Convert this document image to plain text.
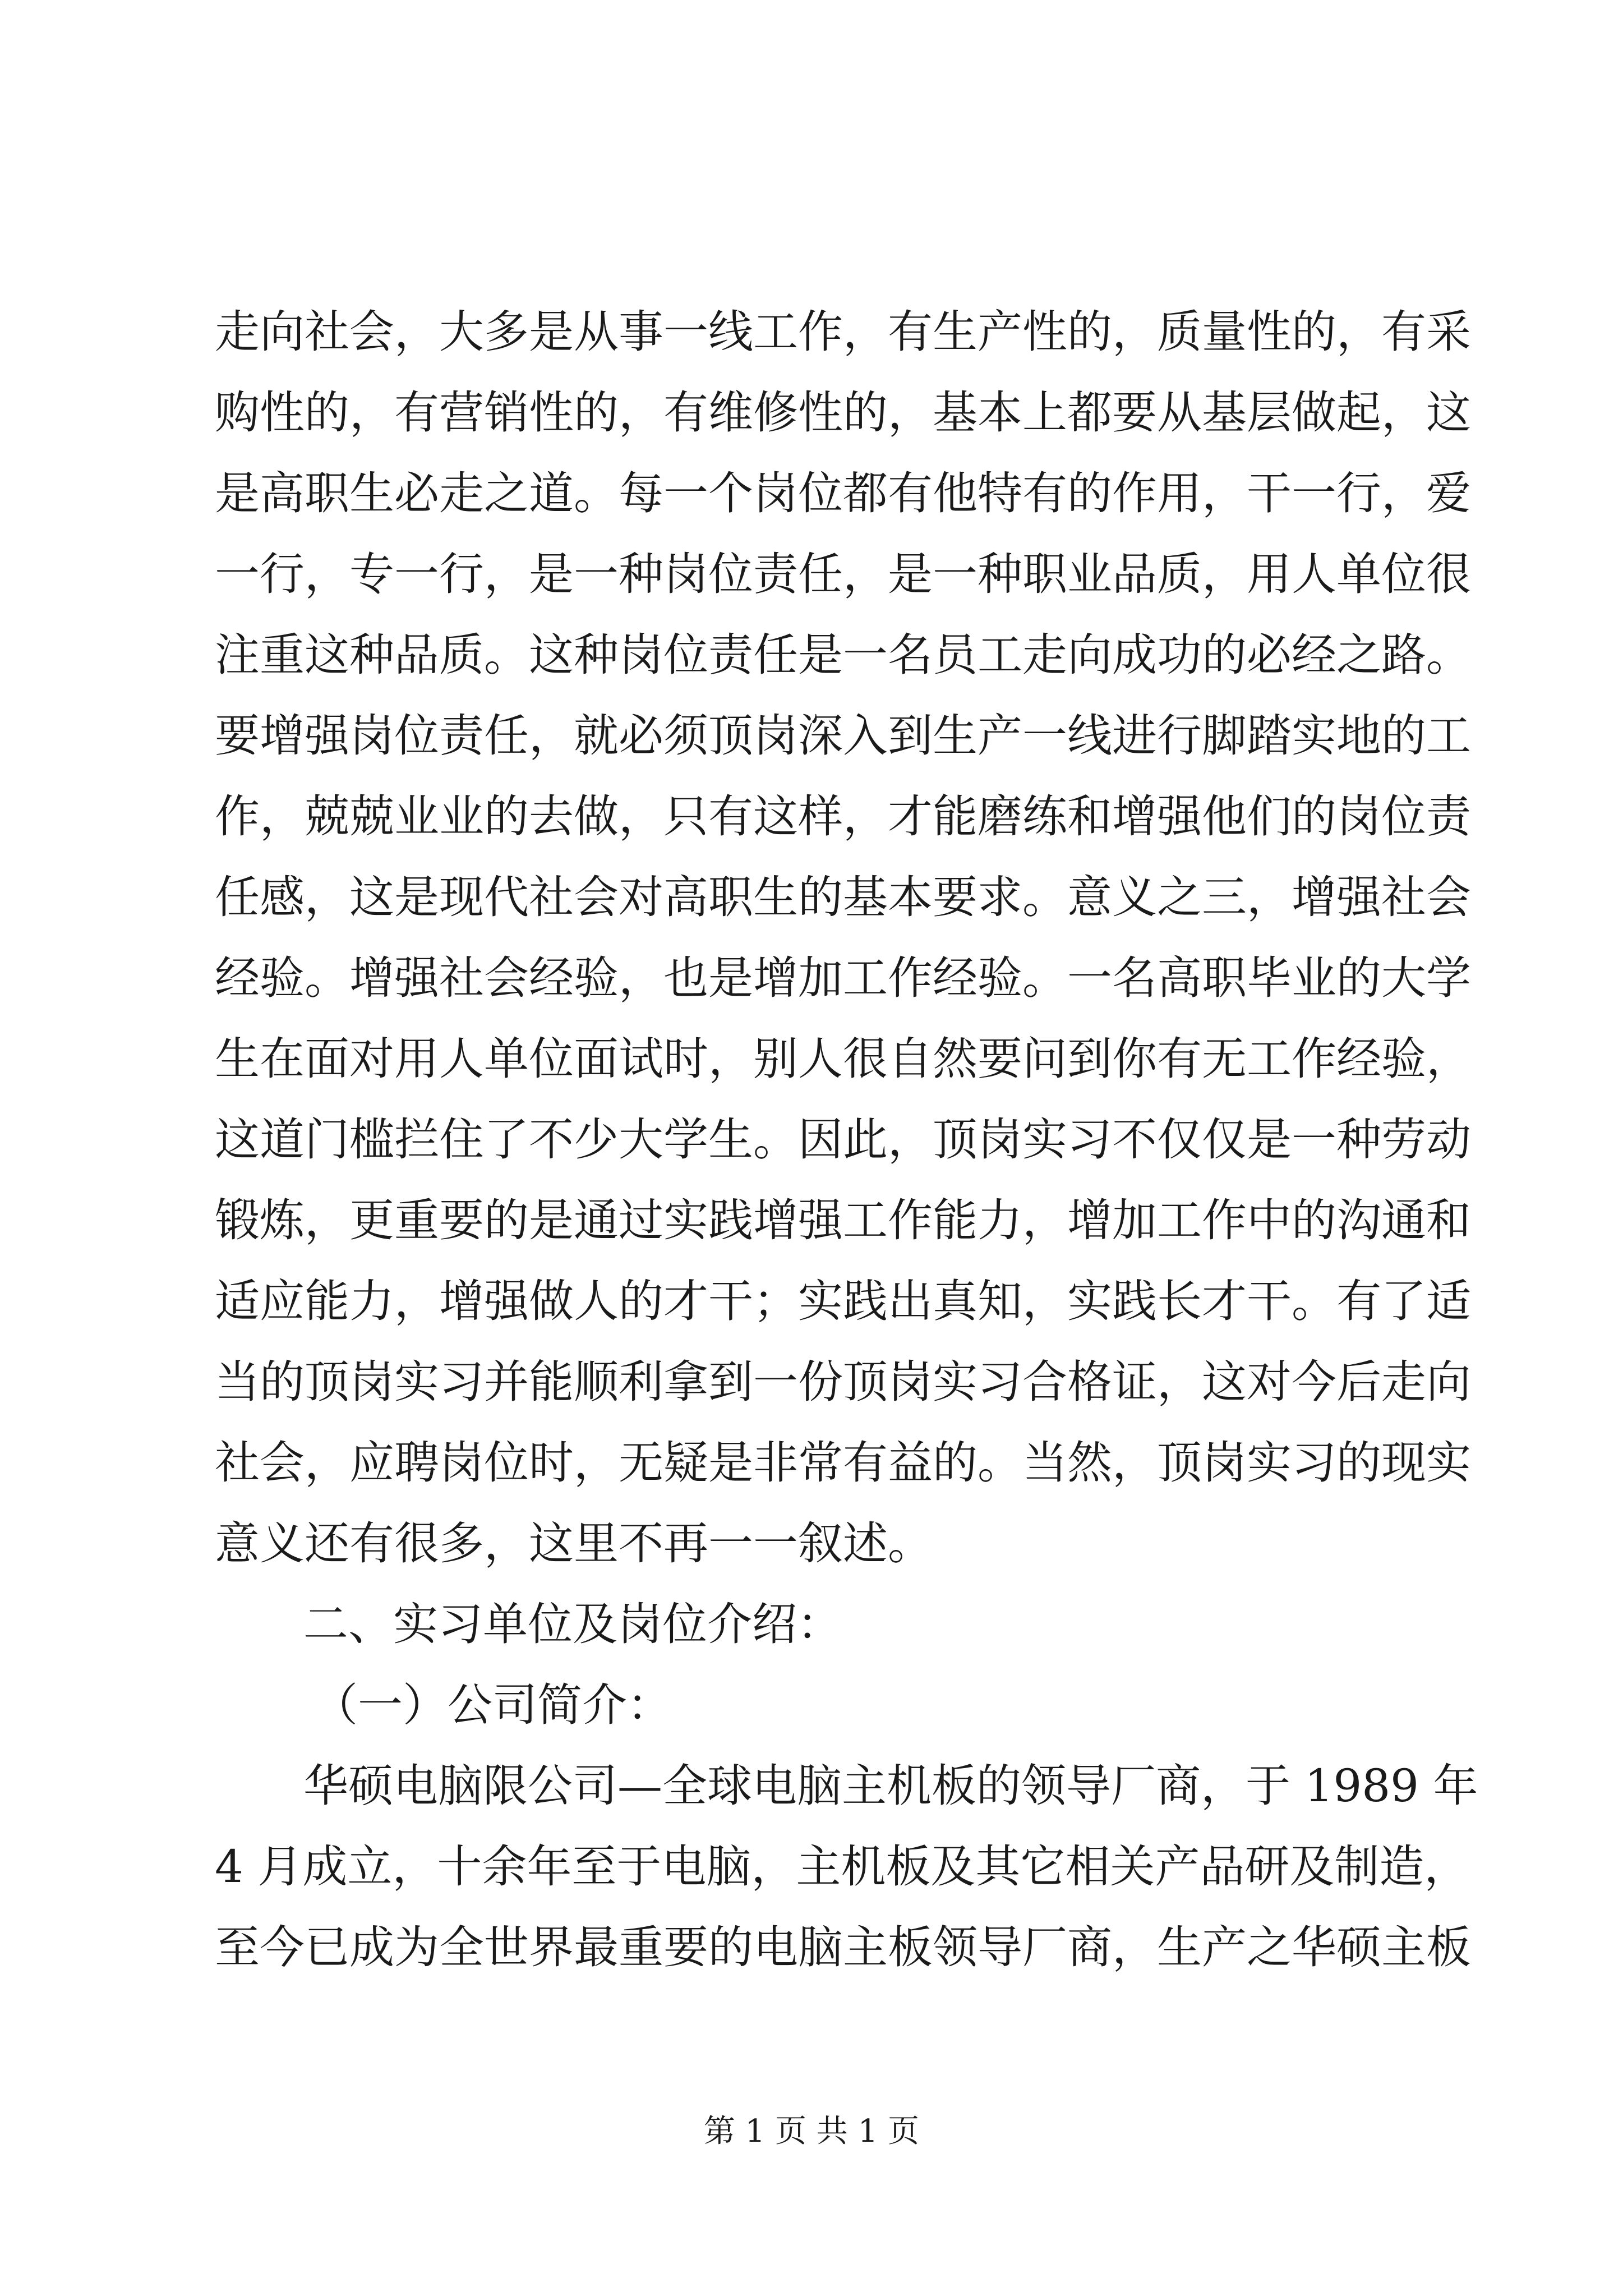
走向社会，大多是从事一线工作，有生产性的，质量性的，有采
购性的，有营销性的，有维修性的，基本上都要从基层做起，这
是高职生必走之道。每一个岗位都有他特有的作用，干一行，爱
一行，专一行，是一种岗位责任，是一种职业品质，用人单位很
注重这种品质。这种岗位责任是一名员工走向成功的必经之路。
要增强岗位责任，就必须顶岗深入到生产一线进行脚踏实地的工
作，兢兢业业的去做，只有这样，才能磨练和增强他们的岗位责
任感，这是现代社会对高职生的基本要求。意义之三，增强社会
经验。增强社会经验，也是增加工作经验。一名高职毕业的大学
生在面对用人单位面试时，别人很自然要问到你有无工作经验，
这道门槛拦住了不少大学生。因此，顶岗实习不仅仅是一种劳动
锻炼，更重要的是通过实践增强工作能力，增加工作中的沟通和
适应能力，增强做人的才干；实践出真知，实践长才干。有了适
当的顶岗实习并能顺利拿到一份顶岗实习合格证，这对今后走向
社会，应聘岗位时，无疑是非常有益的。当然，顶岗实习的现实
意义还有很多，这里不再一一叙述。
二、实习单位及岗位介绍：
（一）公司简介：
华硕电脑限公司—全球电脑主机板的领导厂商，于 1989 年
4 月成立，十余年至于电脑，主机板及其它相关产品研及制造，
至今已成为全世界最重要的电脑主板领导厂商，生产之华硕主板
第 1 页 共 1 页
